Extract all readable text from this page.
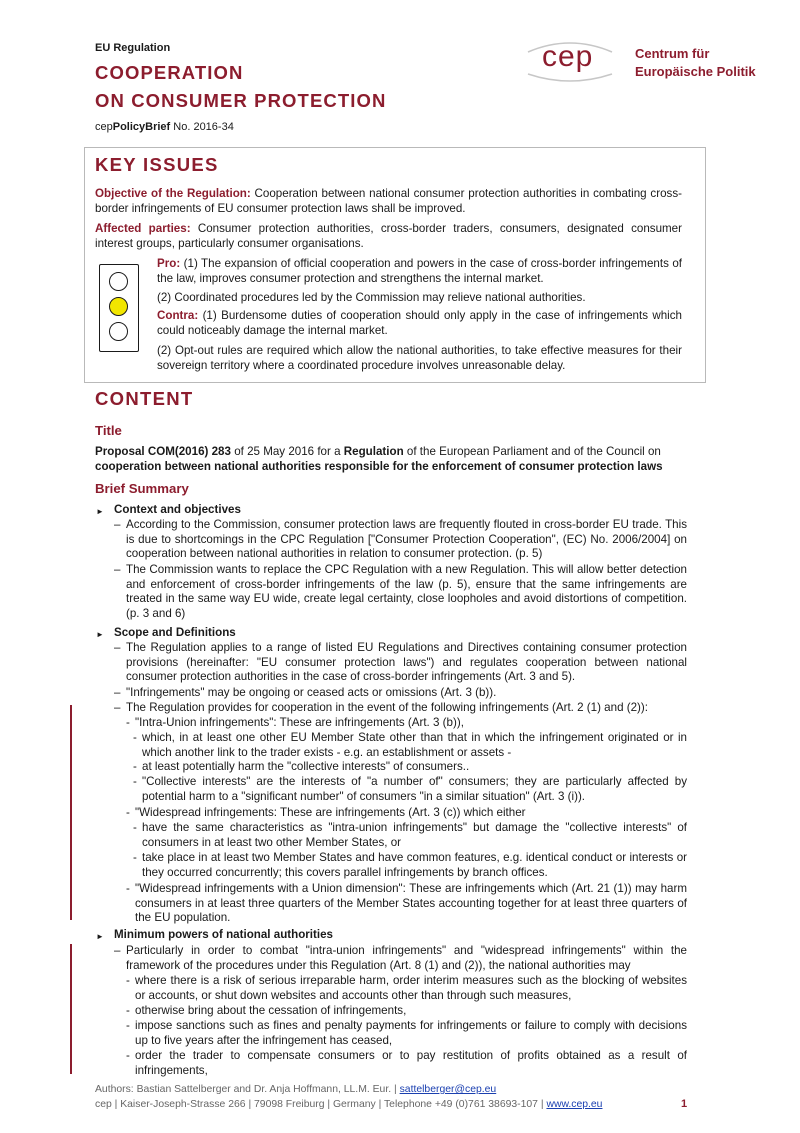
EU Regulation
COOPERATION
ON CONSUMER PROTECTION
cepPolicyBrief No. 2016-34
cep	Centrum für
Europäische Politik
KEY ISSUES
Objective of the Regulation: Cooperation between national consumer protection authorities in combating cross-border infringements of EU consumer protection laws shall be improved.
Affected parties: Consumer protection authorities, cross-border traders, consumers, designated consumer interest groups, particularly consumer organisations.
Pro: (1) The expansion of official cooperation and powers in the case of cross-border infringements of the law, improves consumer protection and strengthens the internal market.
(2) Coordinated procedures led by the Commission may relieve national authorities.
Contra: (1) Burdensome duties of cooperation should only apply in the case of infringements which could noticeably damage the internal market.
(2) Opt-out rules are required which allow the national authorities, to take effective measures for their sovereign territory where a coordinated procedure involves unreasonable delay.
CONTENT
Title
Proposal COM(2016) 283 of 25 May 2016 for a Regulation of the European Parliament and of the Council on
cooperation between national authorities responsible for the enforcement of consumer protection laws
Brief Summary
► Context and objectives
– According to the Commission, consumer protection laws are frequently flouted in cross-border EU trade. This is due to shortcomings in the CPC Regulation ["Consumer Protection Cooperation", (EC) No. 2006/2004] on cooperation between national authorities in relation to consumer protection. (p. 5)
– The Commission wants to replace the CPC Regulation with a new Regulation. This will allow better detection and enforcement of cross-border infringements of the law (p. 5), ensure that the same infringements are treated in the same way EU wide, create legal certainty, close loopholes and avoid distortions of competition. (p. 3 and 6)
► Scope and Definitions
– The Regulation applies to a range of listed EU Regulations and Directives containing consumer protection provisions (hereinafter: "EU consumer protection laws") and regulates cooperation between national consumer protection authorities in the case of cross-border infringements (Art. 3 and 5).
– "Infringements" may be ongoing or ceased acts or omissions (Art. 3 (b)).
– The Regulation provides for cooperation in the event of the following infringements (Art. 2 (1) and (2)):
- "Intra-Union infringements": These are infringements (Art. 3 (b)),
- which, in at least one other EU Member State other than that in which the infringement originated or in which another link to the trader exists - e.g. an establishment or assets -
- at least potentially harm the "collective interests" of consumers..
- "Collective interests" are the interests of "a number of" consumers; they are particularly affected by potential harm to a "significant number" of consumers "in a similar situation" (Art. 3 (i)).
- "Widespread infringements: These are infringements (Art. 3 (c)) which either
- have the same characteristics as "intra-union infringements" but damage the "collective interests" of consumers in at least two other Member States, or
- take place in at least two Member States and have common features, e.g. identical conduct or interests or they occurred concurrently; this covers parallel infringements by branch offices.
- "Widespread infringements with a Union dimension": These are infringements which (Art. 21 (1)) may harm consumers in at least three quarters of the Member States accounting together for at least three quarters of the EU population.
► Minimum powers of national authorities
– Particularly in order to combat "intra-union infringements" and "widespread infringements" within the framework of the procedures under this Regulation (Art. 8 (1) and (2)), the national authorities may
- where there is a risk of serious irreparable harm, order interim measures such as the blocking of websites or accounts, or shut down websites and accounts other than through such measures,
- otherwise bring about the cessation of infringements,
- impose sanctions such as fines and penalty payments for infringements or failure to comply with decisions up to five years after the infringement has ceased,
- order the trader to compensate consumers or to pay restitution of profits obtained as a result of infringements,
Authors: Bastian Sattelberger and Dr. Anja Hoffmann, LL.M. Eur. | sattelberger@cep.eu
cep | Kaiser-Joseph-Strasse 266 | 79098 Freiburg | Germany | Telephone +49 (0)761 38693-107 | www.cep.eu	1
